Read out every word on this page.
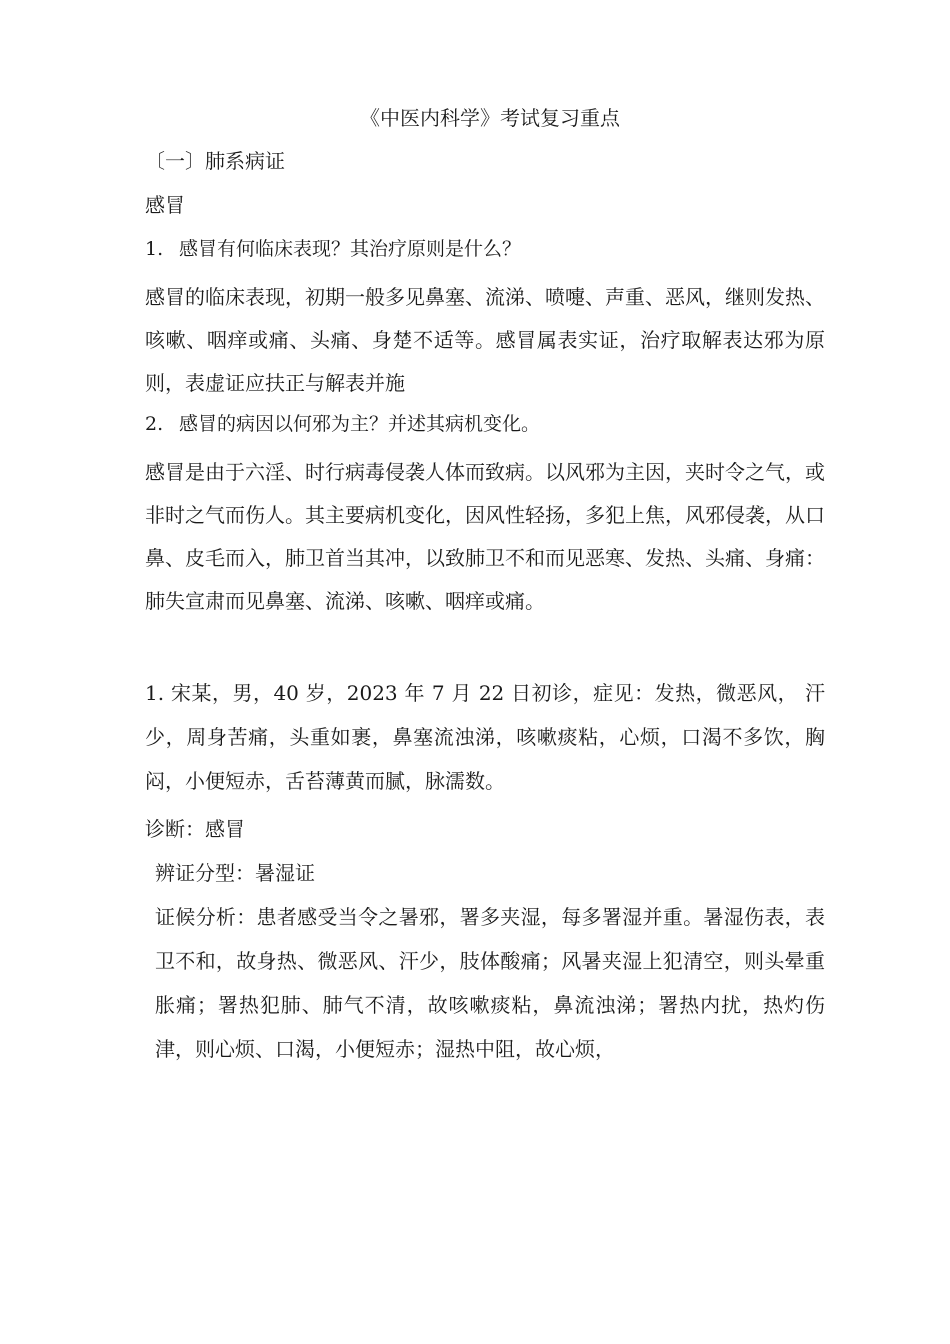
《中医内科学》考试复习重点
〔一〕肺系病证
感冒
1. 感冒有何临床表现？其治疗原则是什么？
感冒的临床表现，初期一般多见鼻塞、流涕、喷嚏、声重、恶风，继则发热、咳嗽、咽痒或痛、头痛、身楚不适等。感冒属表实证，治疗取解表达邪为原则，表虚证应扶正与解表并施
2. 感冒的病因以何邪为主？并述其病机变化。
感冒是由于六淫、时行病毒侵袭人体而致病。以风邪为主因，夹时令之气，或非时之气而伤人。其主要病机变化，因风性轻扬，多犯上焦，风邪侵袭，从口鼻、皮毛而入，肺卫首当其冲，以致肺卫不和而见恶寒、发热、头痛、身痛：肺失宣肃而见鼻塞、流涕、咳嗽、咽痒或痛。
1. 宋某，男，40 岁，2023 年 7 月 22 日初诊，症见：发热，微恶风， 汗少，周身苦痛，头重如裹，鼻塞流浊涕，咳嗽痰粘，心烦，口渴不多饮，胸闷，小便短赤，舌苔薄黄而腻，脉濡数。
诊断：感冒
辨证分型：暑湿证
证候分析：患者感受当令之暑邪，署多夹湿，每多署湿并重。暑湿伤表，表卫不和，故身热、微恶风、汗少，肢体酸痛；风暑夹湿上犯清空，则头晕重胀痛；署热犯肺、肺气不清，故咳嗽痰粘，鼻流浊涕；署热内扰，热灼伤津，则心烦、口渴，小便短赤；湿热中阻，故心烦，
